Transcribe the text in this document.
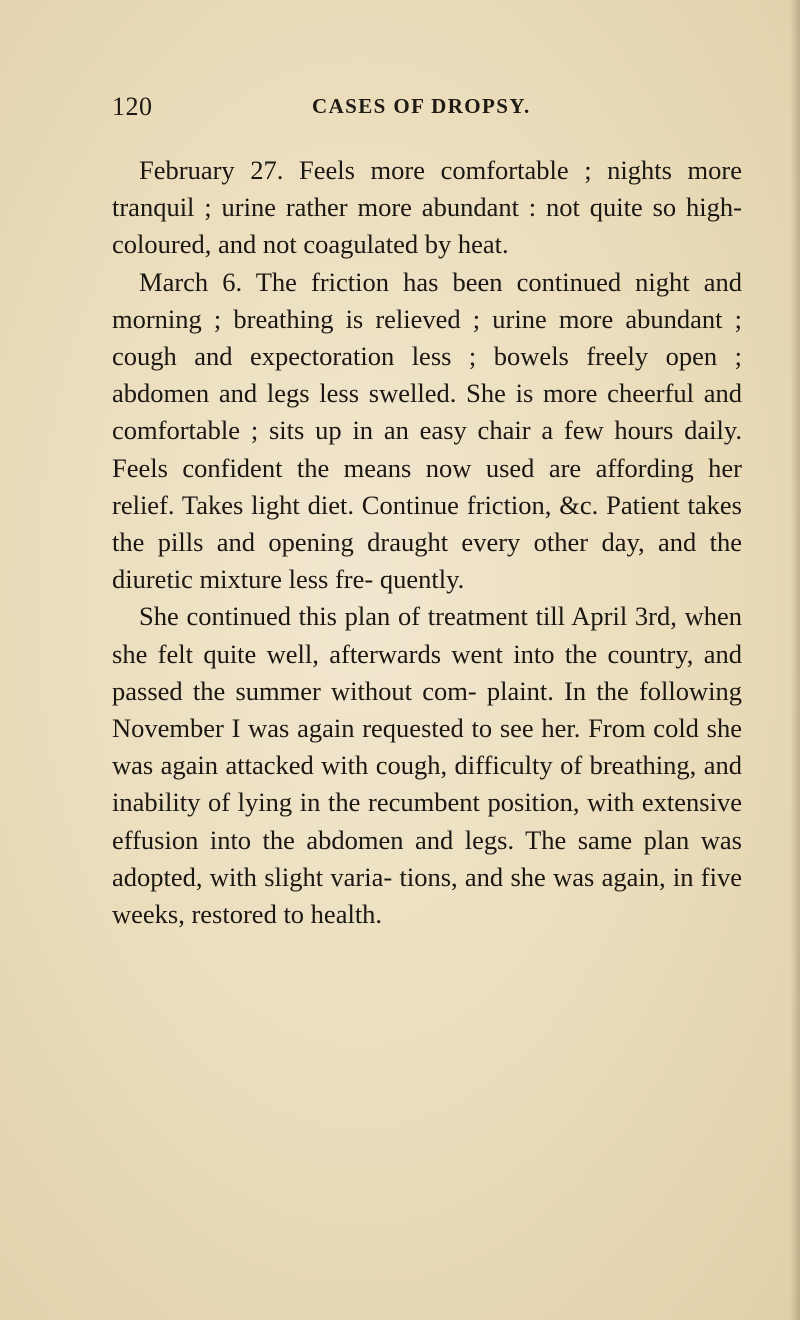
120	CASES OF DROPSY.

February 27. Feels more comfortable ; nights more tranquil ; urine rather more abundant : not quite so high-coloured, and not coagulated by heat.

March 6. The friction has been continued night and morning ; breathing is relieved ; urine more abundant ; cough and expectoration less ; bowels freely open ; abdomen and legs less swelled. She is more cheerful and comfortable ; sits up in an easy chair a few hours daily. Feels confident the means now used are affording her relief. Takes light diet. Continue friction, &c. Patient takes the pills and opening draught every other day, and the diuretic mixture less fre- quently.

She continued this plan of treatment till April 3rd, when she felt quite well, afterwards went into the country, and passed the summer without com- plaint. In the following November I was again requested to see her. From cold she was again attacked with cough, difficulty of breathing, and inability of lying in the recumbent position, with extensive effusion into the abdomen and legs. The same plan was adopted, with slight varia- tions, and she was again, in five weeks, restored to health.
